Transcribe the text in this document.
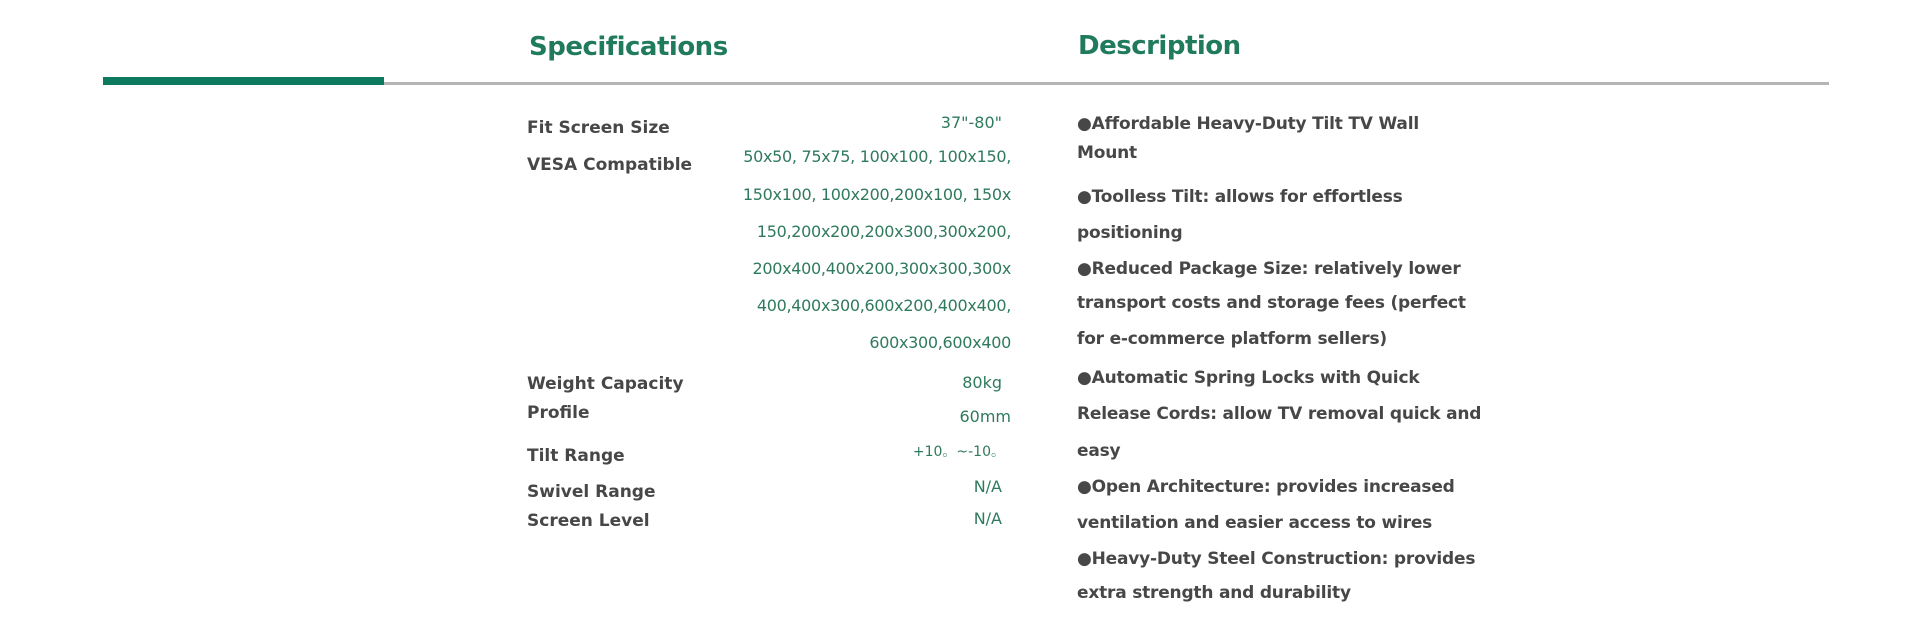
Specifications	Description

Fit Screen Size	37"-80"

VESA Compatible	50x50, 75x75, 100x100, 100x150,
150x100, 100x200,200x100, 150x
150,200x200,200x300,300x200,
200x400,400x200,300x300,300x
400,400x300,600x200,400x400,
600x300,600x400

Weight Capacity	80kg

Profile	60mm

Tilt Range	+10。~-10。

Swivel Range	N/A

Screen Level	N/A

●Affordable Heavy-Duty Tilt TV Wall

Mount

●Toolless Tilt: allows for effortless

positioning

●Reduced Package Size: relatively lower

transport costs and storage fees (perfect

for e-commerce platform sellers)

●Automatic Spring Locks with Quick

Release Cords: allow TV removal quick and

easy

●Open Architecture: provides increased

ventilation and easier access to wires

●Heavy-Duty Steel Construction: provides

extra strength and durability
